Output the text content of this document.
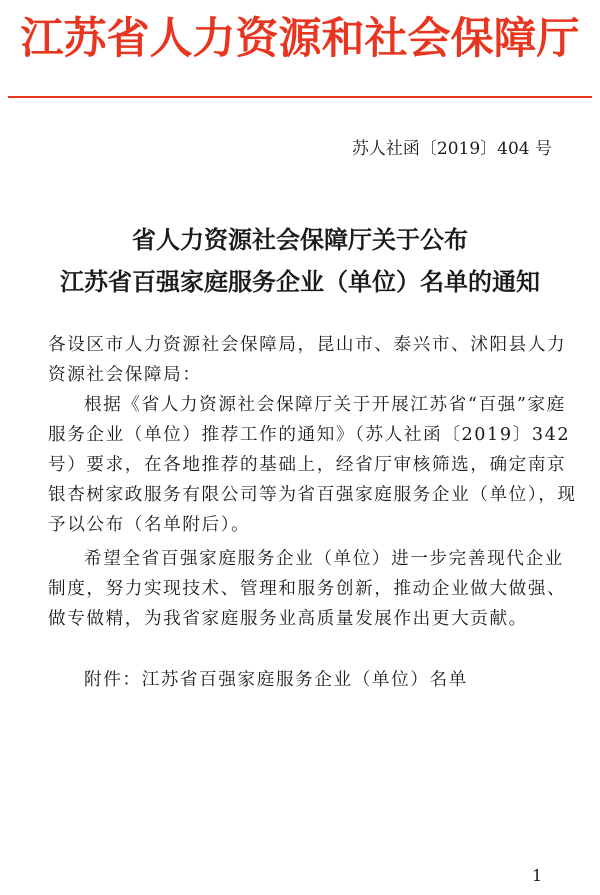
江苏省人力资源和社会保障厅
苏人社函〔2019〕404 号
省人力资源社会保障厅关于公布
江苏省百强家庭服务企业（单位）名单的通知

各设区市人力资源社会保障局，昆山市、泰兴市、沭阳县人力资源社会保障局：

根据《省人力资源社会保障厅关于开展江苏省“百强”家庭服务企业（单位）推荐工作的通知》（苏人社函〔2019〕342 号）要求，在各地推荐的基础上，经省厅审核筛选，确定南京银杏树家政服务有限公司等为省百强家庭服务企业（单位），现予以公布（名单附后）。

希望全省百强家庭服务企业（单位）进一步完善现代企业制度，努力实现技术、管理和服务创新，推动企业做大做强、做专做精，为我省家庭服务业高质量发展作出更大贡献。

附件：江苏省百强家庭服务企业（单位）名单
1
